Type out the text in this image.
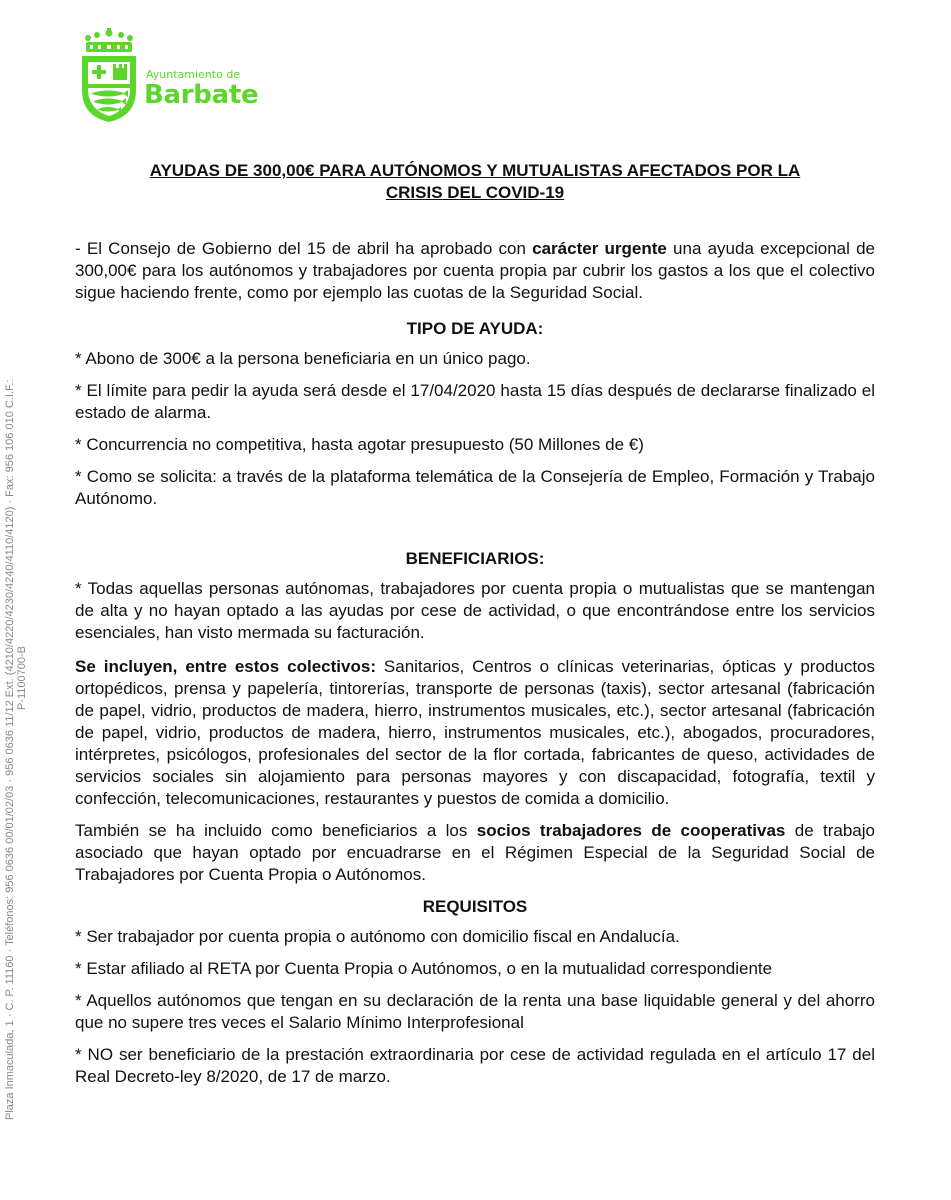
Ayuntamiento de
Barbate
Plaza Inmaculada, 1 · C. P. 11160 · Teléfonos: 956 0636 00/01/02/03 · 956 0636 11/12 Ext. (4210/4220/4230/4240/4110/4120) · Fax: 956 106 010 C.I.F.: P-1100700-B
AYUDAS DE 300,00€ PARA AUTÓNOMOS Y MUTUALISTAS AFECTADOS POR LA
CRISIS DEL COVID-19

- El Consejo de Gobierno del 15 de abril ha aprobado con carácter urgente una ayuda excepcional de 300,00€ para los autónomos y trabajadores por cuenta propia par cubrir los gastos a los que el colectivo sigue haciendo frente, como por ejemplo las cuotas de la Seguridad Social.

TIPO DE AYUDA:

* Abono de 300€ a la persona beneficiaria en un único pago.

* El límite para pedir la ayuda será desde el 17/04/2020 hasta 15 días después de declararse finalizado el estado de alarma.

* Concurrencia no competitiva, hasta agotar presupuesto (50 Millones de €)

* Como se solicita: a través de la plataforma telemática de la Consejería de Empleo, Formación y Trabajo Autónomo.

BENEFICIARIOS:

* Todas aquellas personas autónomas, trabajadores por cuenta propia o mutualistas que se mantengan de alta y no hayan optado a las ayudas por cese de actividad, o que encontrándose entre los servicios esenciales, han visto mermada su facturación.

Se incluyen, entre estos colectivos: Sanitarios, Centros o clínicas veterinarias, ópticas y productos ortopédicos, prensa y papelería, tintorerías, transporte de personas (taxis), sector artesanal (fabricación de papel, vidrio, productos de madera, hierro, instrumentos musicales, etc.), sector artesanal (fabricación de papel, vidrio, productos de madera, hierro, instrumentos musicales, etc.), abogados, procuradores, intérpretes, psicólogos, profesionales del sector de la flor cortada, fabricantes de queso, actividades de servicios sociales sin alojamiento para personas mayores y con discapacidad, fotografía, textil y confección, telecomunicaciones, restaurantes y puestos de comida a domicilio.

También se ha incluido como beneficiarios a los socios trabajadores de cooperativas de trabajo asociado que hayan optado por encuadrarse en el Régimen Especial de la Seguridad Social de Trabajadores por Cuenta Propia o Autónomos.

REQUISITOS

* Ser trabajador por cuenta propia o autónomo con domicilio fiscal en Andalucía.

* Estar afiliado al RETA por Cuenta Propia o Autónomos, o en la mutualidad correspondiente

* Aquellos autónomos que tengan en su declaración de la renta una base liquidable general y del ahorro que no supere tres veces el Salario Mínimo Interprofesional

* NO ser beneficiario de la prestación extraordinaria por cese de actividad regulada en el artículo 17 del Real Decreto-ley 8/2020, de 17 de marzo.
